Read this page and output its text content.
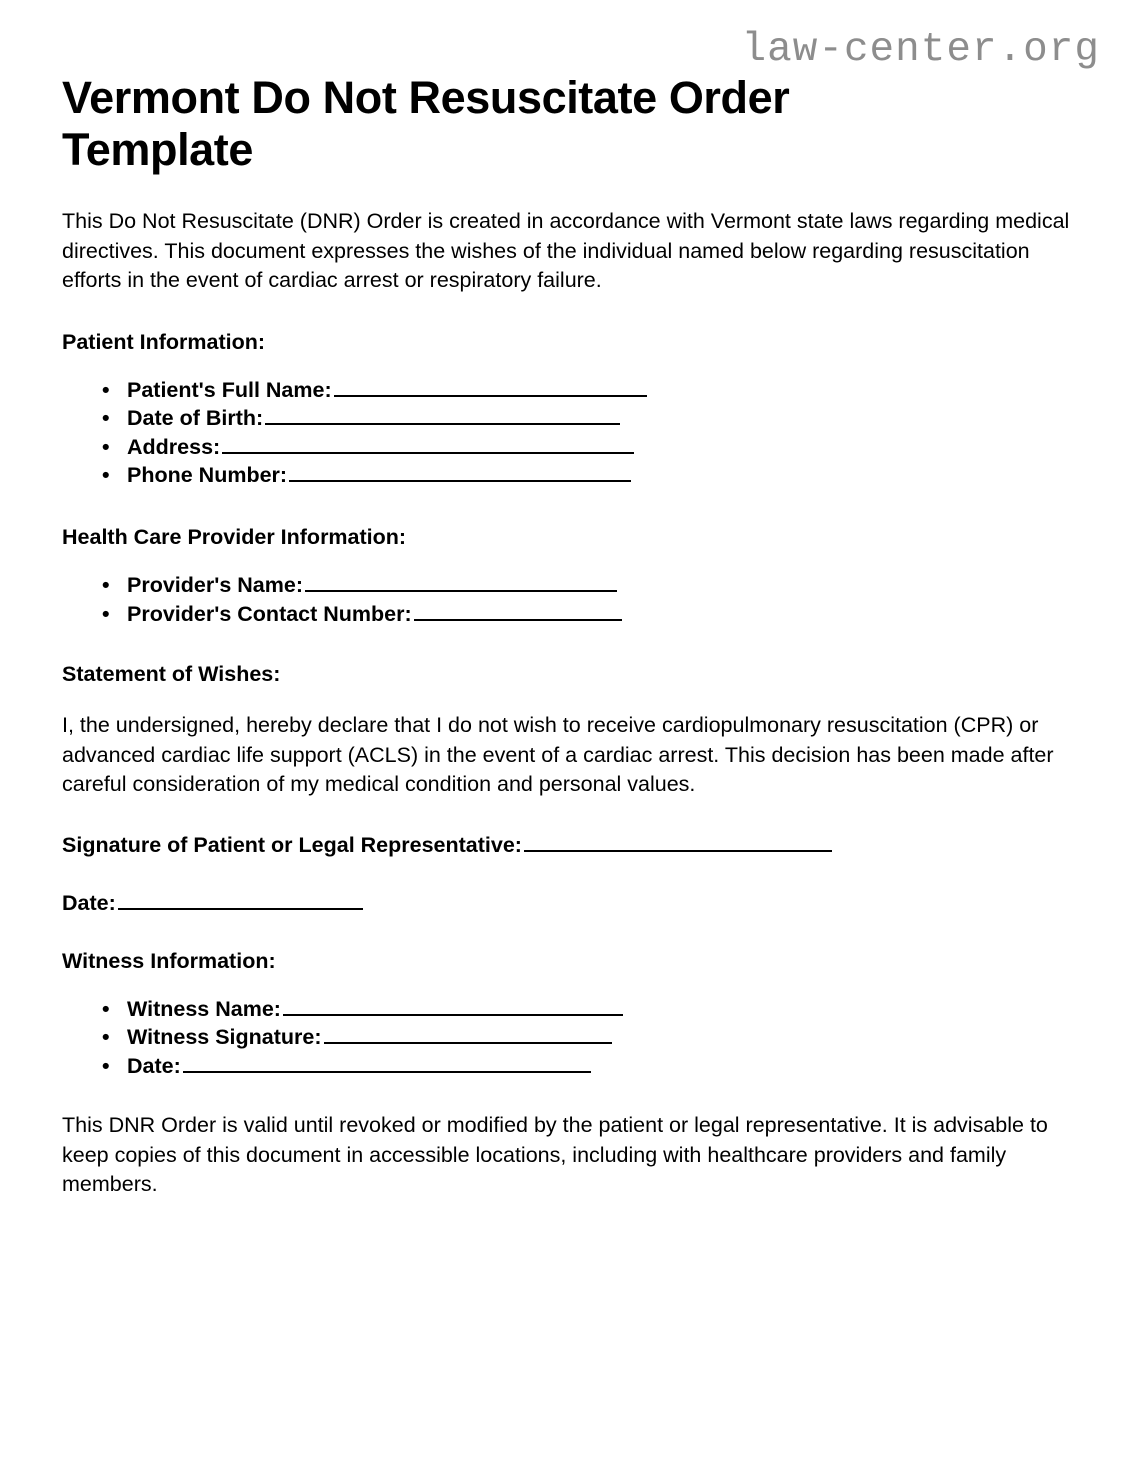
law-center.org
Vermont Do Not Resuscitate Order Template

This Do Not Resuscitate (DNR) Order is created in accordance with Vermont state laws regarding medical directives. This document expresses the wishes of the individual named below regarding resuscitation efforts in the event of cardiac arrest or respiratory failure.

Patient Information:
• Patient's Full Name:
• Date of Birth:
• Address:
• Phone Number:
Health Care Provider Information:
• Provider's Name:
• Provider's Contact Number:
Statement of Wishes:

I, the undersigned, hereby declare that I do not wish to receive cardiopulmonary resuscitation (CPR) or advanced cardiac life support (ACLS) in the event of a cardiac arrest. This decision has been made after careful consideration of my medical condition and personal values.

Signature of Patient or Legal Representative:

Date:

Witness Information:
• Witness Name:
• Witness Signature:
• Date:

This DNR Order is valid until revoked or modified by the patient or legal representative. It is advisable to keep copies of this document in accessible locations, including with healthcare providers and family members.
